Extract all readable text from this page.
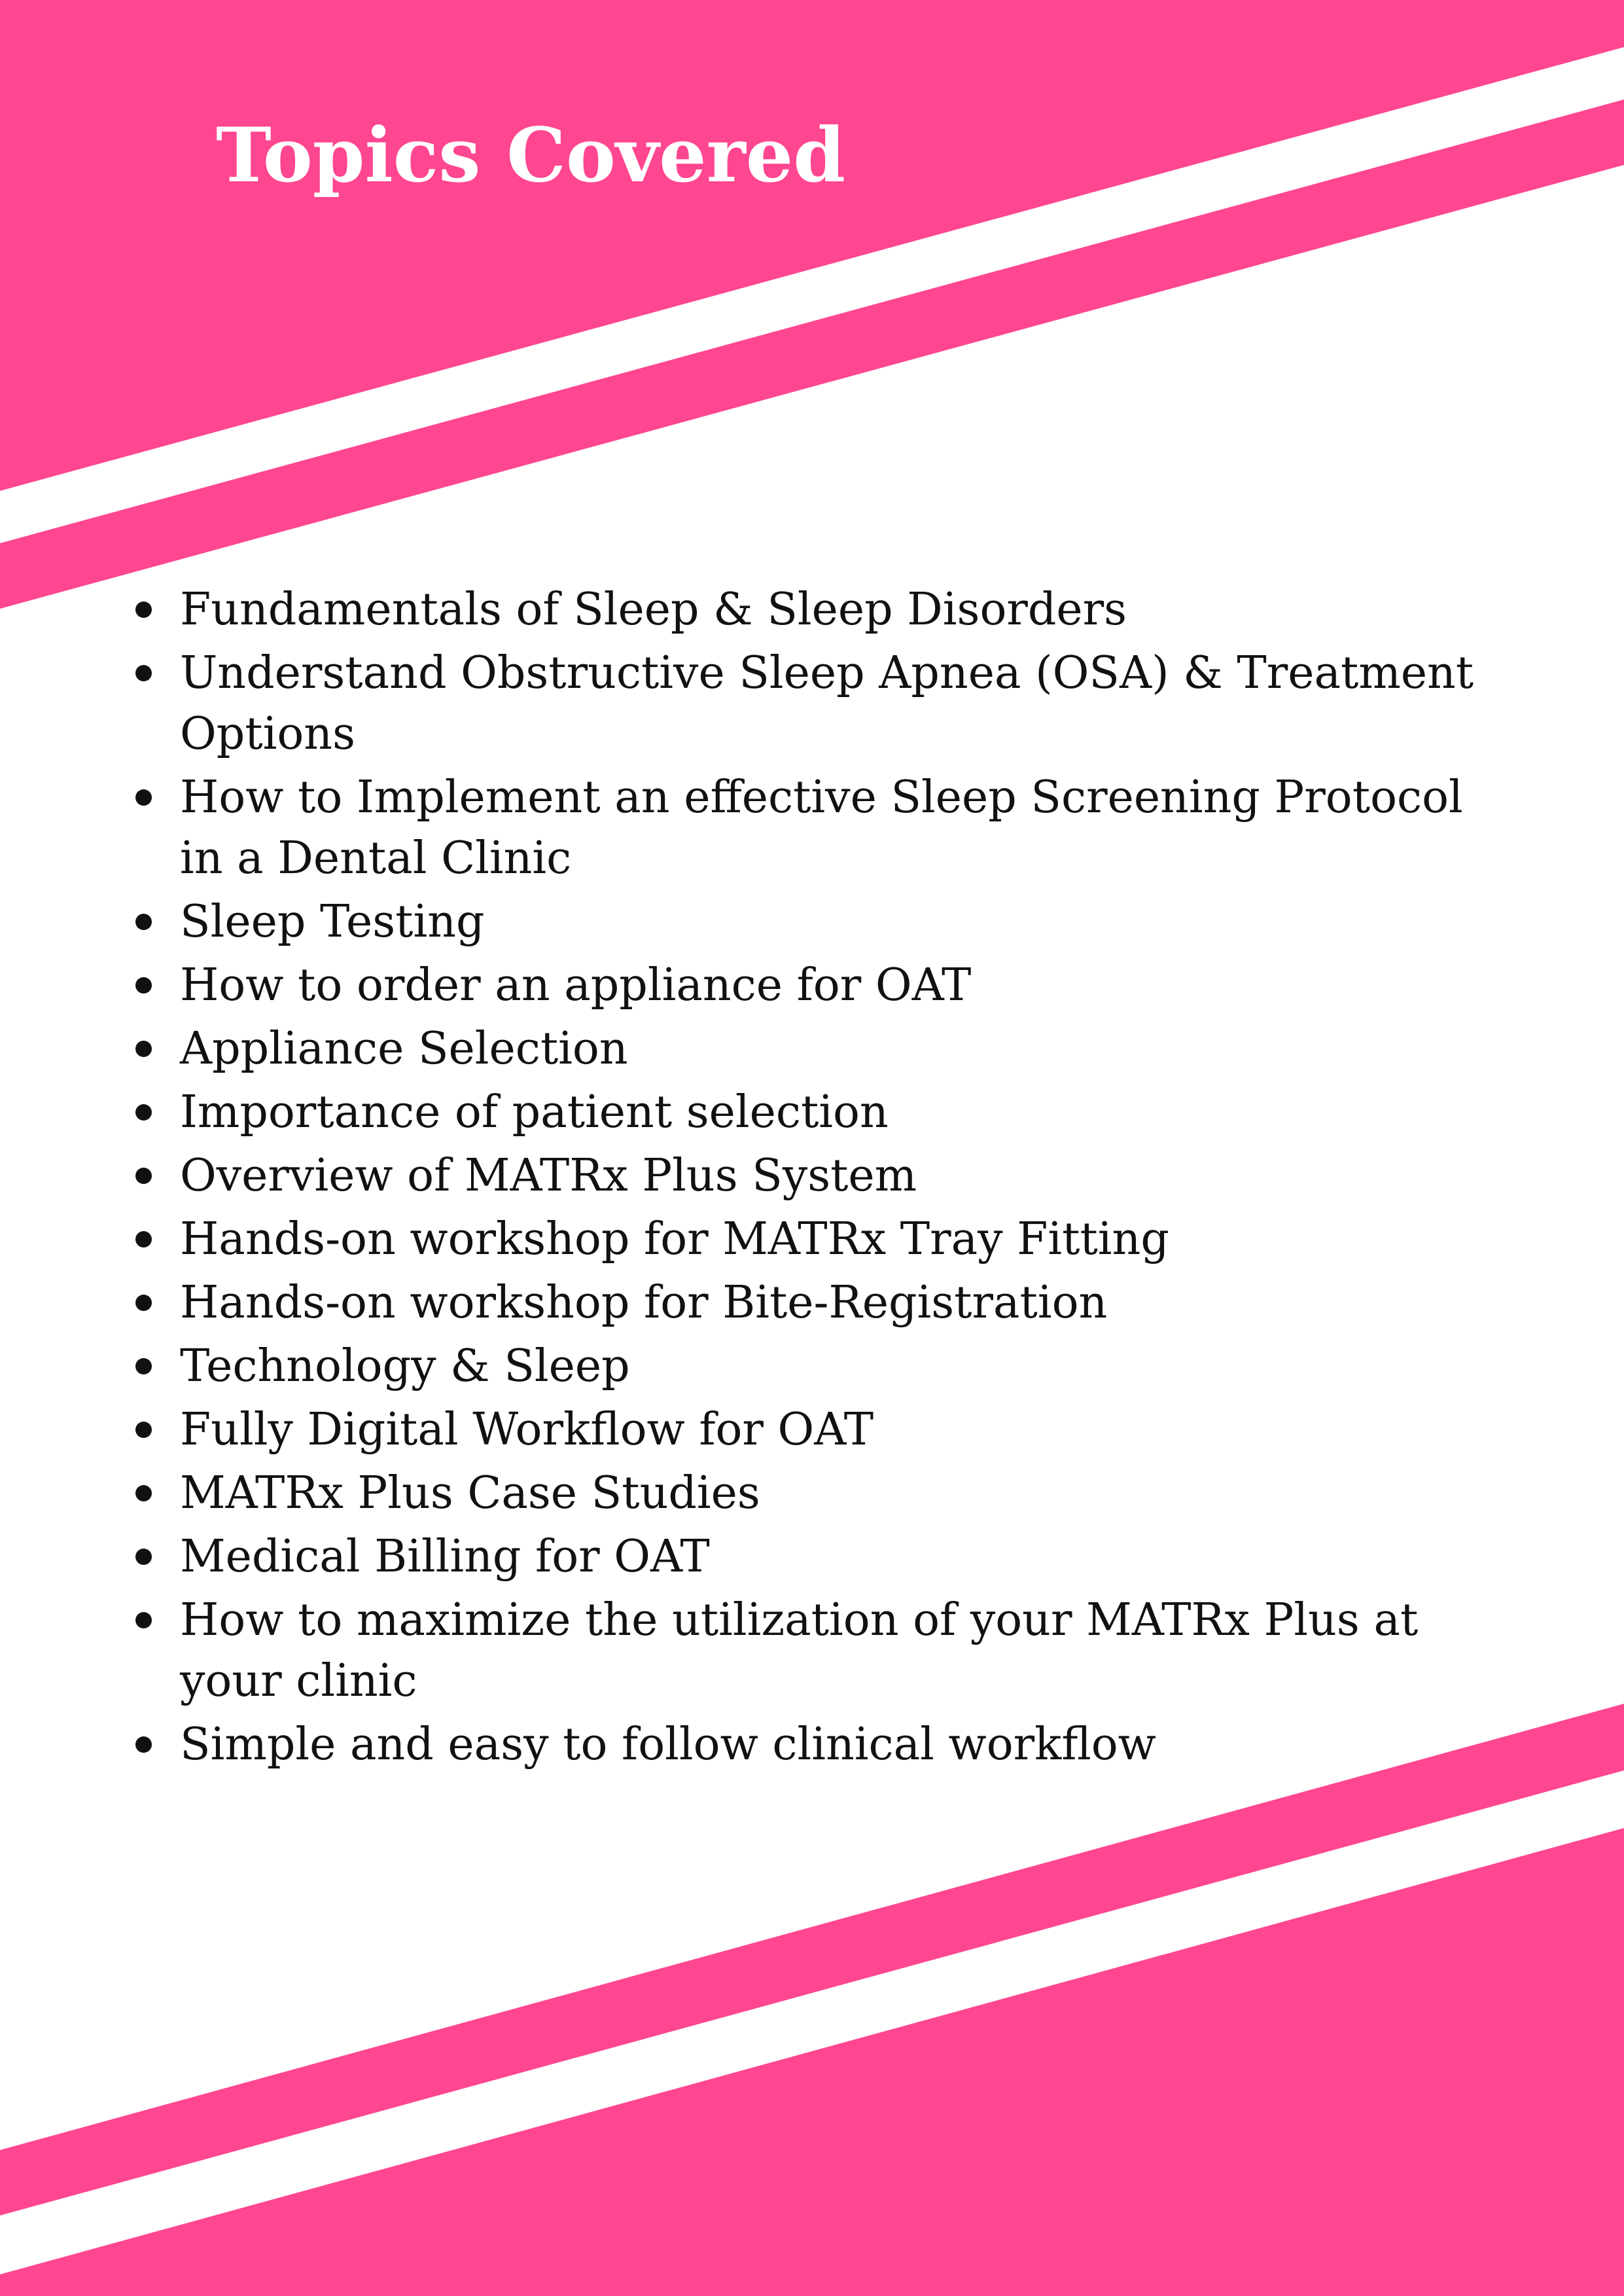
Topics Covered
Fundamentals of Sleep & Sleep Disorders
Understand Obstructive Sleep Apnea (OSA) & Treatment Options
How to Implement an effective Sleep Screening Protocol in a Dental Clinic
Sleep Testing
How to order an appliance for OAT
Appliance Selection
Importance of patient selection
Overview of MATRx Plus System
Hands-on workshop for MATRx Tray Fitting
Hands-on workshop for Bite-Registration
Technology & Sleep
Fully Digital Workflow for OAT
MATRx Plus Case Studies
Medical Billing for OAT
How to maximize the utilization of your MATRx Plus at your clinic
Simple and easy to follow clinical workflow
